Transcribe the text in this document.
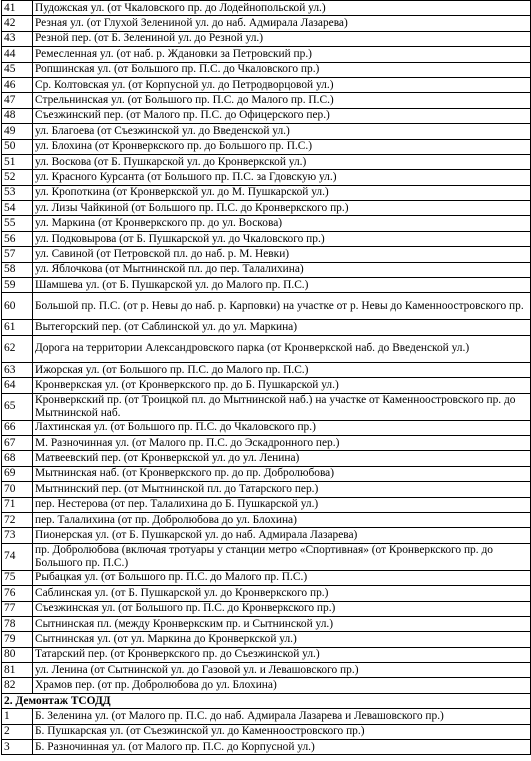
41	Пудожская ул. (от Чкаловского пр. до Лодейнопольской ул.)
42	Резная ул. (от Глухой Зелениной ул. до наб. Адмирала Лазарева)
43	Резной пер. (от Б. Зелениной ул. до Резной ул.)
44	Ремесленная ул. (от наб. р. Ждановки за Петровский пр.)
45	Ропшинская ул. (от Большого пр. П.С. до Чкаловского пр.)
46	Ср. Колтовская ул. (от Корпусной ул. до Петродворцовой ул.)
47	Стрельнинская ул. (от Большого пр. П.С. до Малого пр. П.С.)
48	Съезжинский пер. (от Малого пр. П.С. до Офицерского пер.)
49	ул. Благоева (от Съезжинской ул. до Введенской ул.)
50	ул. Блохина (от Кронверкского пр. до Большого пр. П.С.)
51	ул. Воскова (от Б. Пушкарской ул. до Кронверкской ул.)
52	ул. Красного Курсанта (от Большого пр. П.С. за Гдовскую ул.)
53	ул. Кропоткина (от Кронверкской ул. до М. Пушкарской ул.)
54	ул. Лизы Чайкиной (от Большого пр. П.С. до Кронверкского пр.)
55	ул. Маркина (от Кронверкского пр. до ул. Воскова)
56	ул. Подковырова (от Б. Пушкарской ул. до Чкаловского пр.)
57	ул. Савиной (от Петровской пл. до наб. р. М. Невки)
58	ул. Яблочкова (от Мытнинской пл. до пер. Талалихина)
59	Шамшева ул. (от Б. Пушкарской ул. до Малого пр. П.С.)
60	Большой пр. П.С. (от р. Невы до наб. р. Карповки) на участке от р. Невы до Каменноостровского пр.
61	Вытегорский пер. (от Саблинской ул. до ул. Маркина)
62	Дорога на территории Александровского парка (от Кронверкской наб. до Введенской ул.)
63	Ижорская ул. (от Большого пр. П.С. до Малого пр. П.С.)
64	Кронверкская ул. (от Кронверкского пр. до Б. Пушкарской ул.)
65	Кронверкский пр. (от Троицкой пл. до Мытнинской наб.) на участке от Каменноостровского пр. до Мытнинской наб.
66	Лахтинская ул. (от Большого пр. П.С. до Чкаловского пр.)
67	М. Разночинная ул. (от Малого пр. П.С. до Эскадронного пер.)
68	Матвеевский пер. (от Кронверкской ул. до ул. Ленина)
69	Мытнинская наб. (от Кронверкского пр. до пр. Добролюбова)
70	Мытнинский пер. (от Мытнинской пл. до Татарского пер.)
71	пер. Нестерова (от пер. Талалихина до Б. Пушкарской ул.)
72	пер. Талалихина (от пр. Добролюбова до ул. Блохина)
73	Пионерская ул. (от Б. Пушкарской ул. до наб. Адмирала Лазарева)
74	пр. Добролюбова (включая тротуары у станции метро «Спортивная» (от Кронверкского пр. до Большого пр. П.С.)
75	Рыбацкая ул. (от Большого пр. П.С. до Малого пр. П.С.)
76	Саблинская ул. (от Б. Пушкарской ул. до Кронверкского пр.)
77	Съезжинская ул. (от Большого пр. П.С. до Кронверкского пр.)
78	Сытнинская пл. (между Кронверкским пр. и Сытнинской ул.)
79	Сытнинская ул. (от ул. Маркина до Кронверкской ул.)
80	Татарский пер. (от Кронверкского пр. до Съезжинской ул.)
81	ул. Ленина (от Сытнинской ул. до Газовой ул. и Левашовского пр.)
82	Храмов пер. (от пр. Добролюбова до ул. Блохина)
2. Демонтаж ТСОДД	
1	Б. Зеленина ул. (от Малого пр. П.С. до наб. Адмирала Лазарева и Левашовского пр.)
2	Б. Пушкарская ул. (от Съезжинской ул. до Каменноостровского пр.)
3	Б. Разночинная ул. (от Малого пр. П.С. до Корпусной ул.)
